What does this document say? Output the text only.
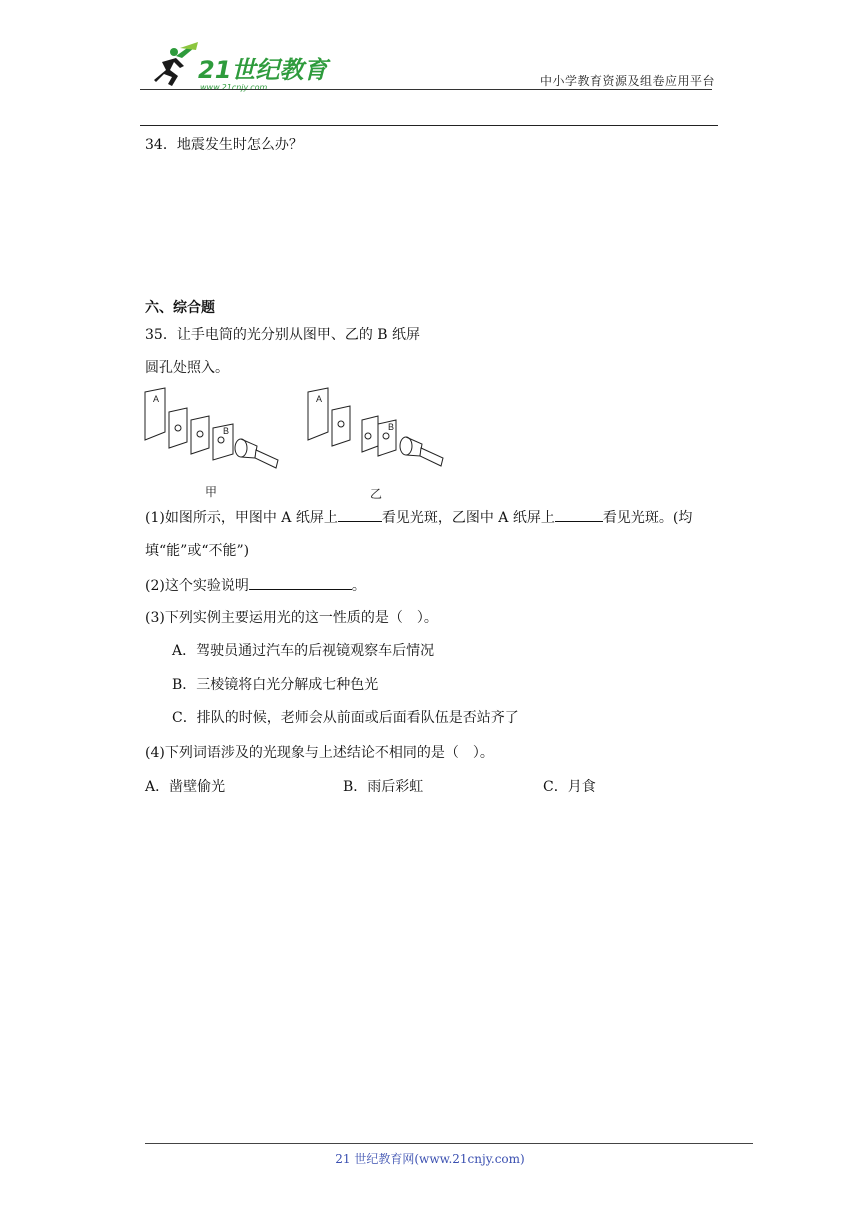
21世纪教育
www.21cnjy.com	中小学教育资源及组卷应用平台
34．地震发生时怎么办？
六、综合题
35．让手电筒的光分别从图甲、乙的 B 纸屏
圆孔处照入。
A
B
甲
A
B
乙
(1)如图所示，甲图中 A 纸屏上	看见光斑，乙图中 A 纸屏上	看见光斑。(均
填“能”或“不能”)
(2)这个实验说明	。
(3)下列实例主要运用光的这一性质的是（　）。
A．驾驶员通过汽车的后视镜观察车后情况
B．三棱镜将白光分解成七种色光
C．排队的时候，老师会从前面或后面看队伍是否站齐了
(4)下列词语涉及的光现象与上述结论不相同的是（　）。
A．凿壁偷光	B．雨后彩虹	C．月食
21 世纪教育网(www.21cnjy.com)
